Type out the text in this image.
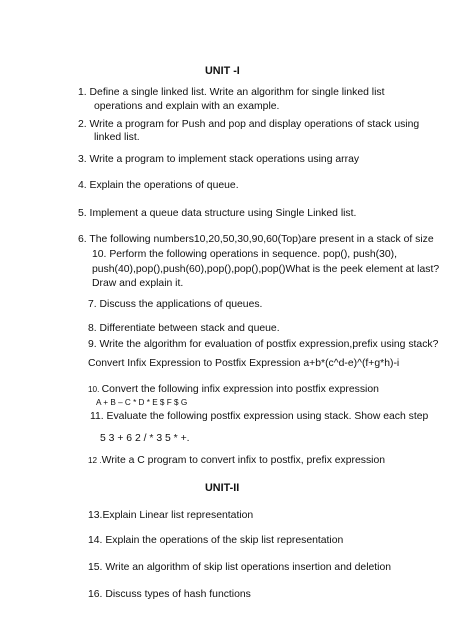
UNIT -I
1. Define a single linked list. Write an algorithm for single linked list
operations and explain with an example.
2. Write a program for Push and pop and display operations of stack using
linked list.
3. Write a program to implement stack operations using array
4. Explain the operations of queue.
5. Implement a queue data structure using Single Linked list.
6. The following numbers10,20,50,30,90,60(Top)are present in a stack of size
10. Perform the following operations in sequence. pop(), push(30),
push(40),pop(),push(60),pop(),pop(),pop()What is the peek element at last?
Draw and explain it.
7. Discuss the applications of queues.
8. Differentiate between stack and queue.
9. Write the algorithm for evaluation of postfix expression,prefix using stack?
Convert Infix Expression to Postfix Expression a+b*(c^d-e)^(f+g*h)-i
10. Convert the following infix expression into postfix expression
A + B – C * D * E $ F $ G
11. Evaluate the following postfix expression using stack. Show each step
5 3 + 6 2 / * 3 5 * +.
12 .Write a C program to convert infix to postfix, prefix expression
UNIT-II
13.Explain Linear list representation
14. Explain the operations of the skip list representation
15. Write an algorithm of skip list operations insertion and deletion
16. Discuss types of hash functions
